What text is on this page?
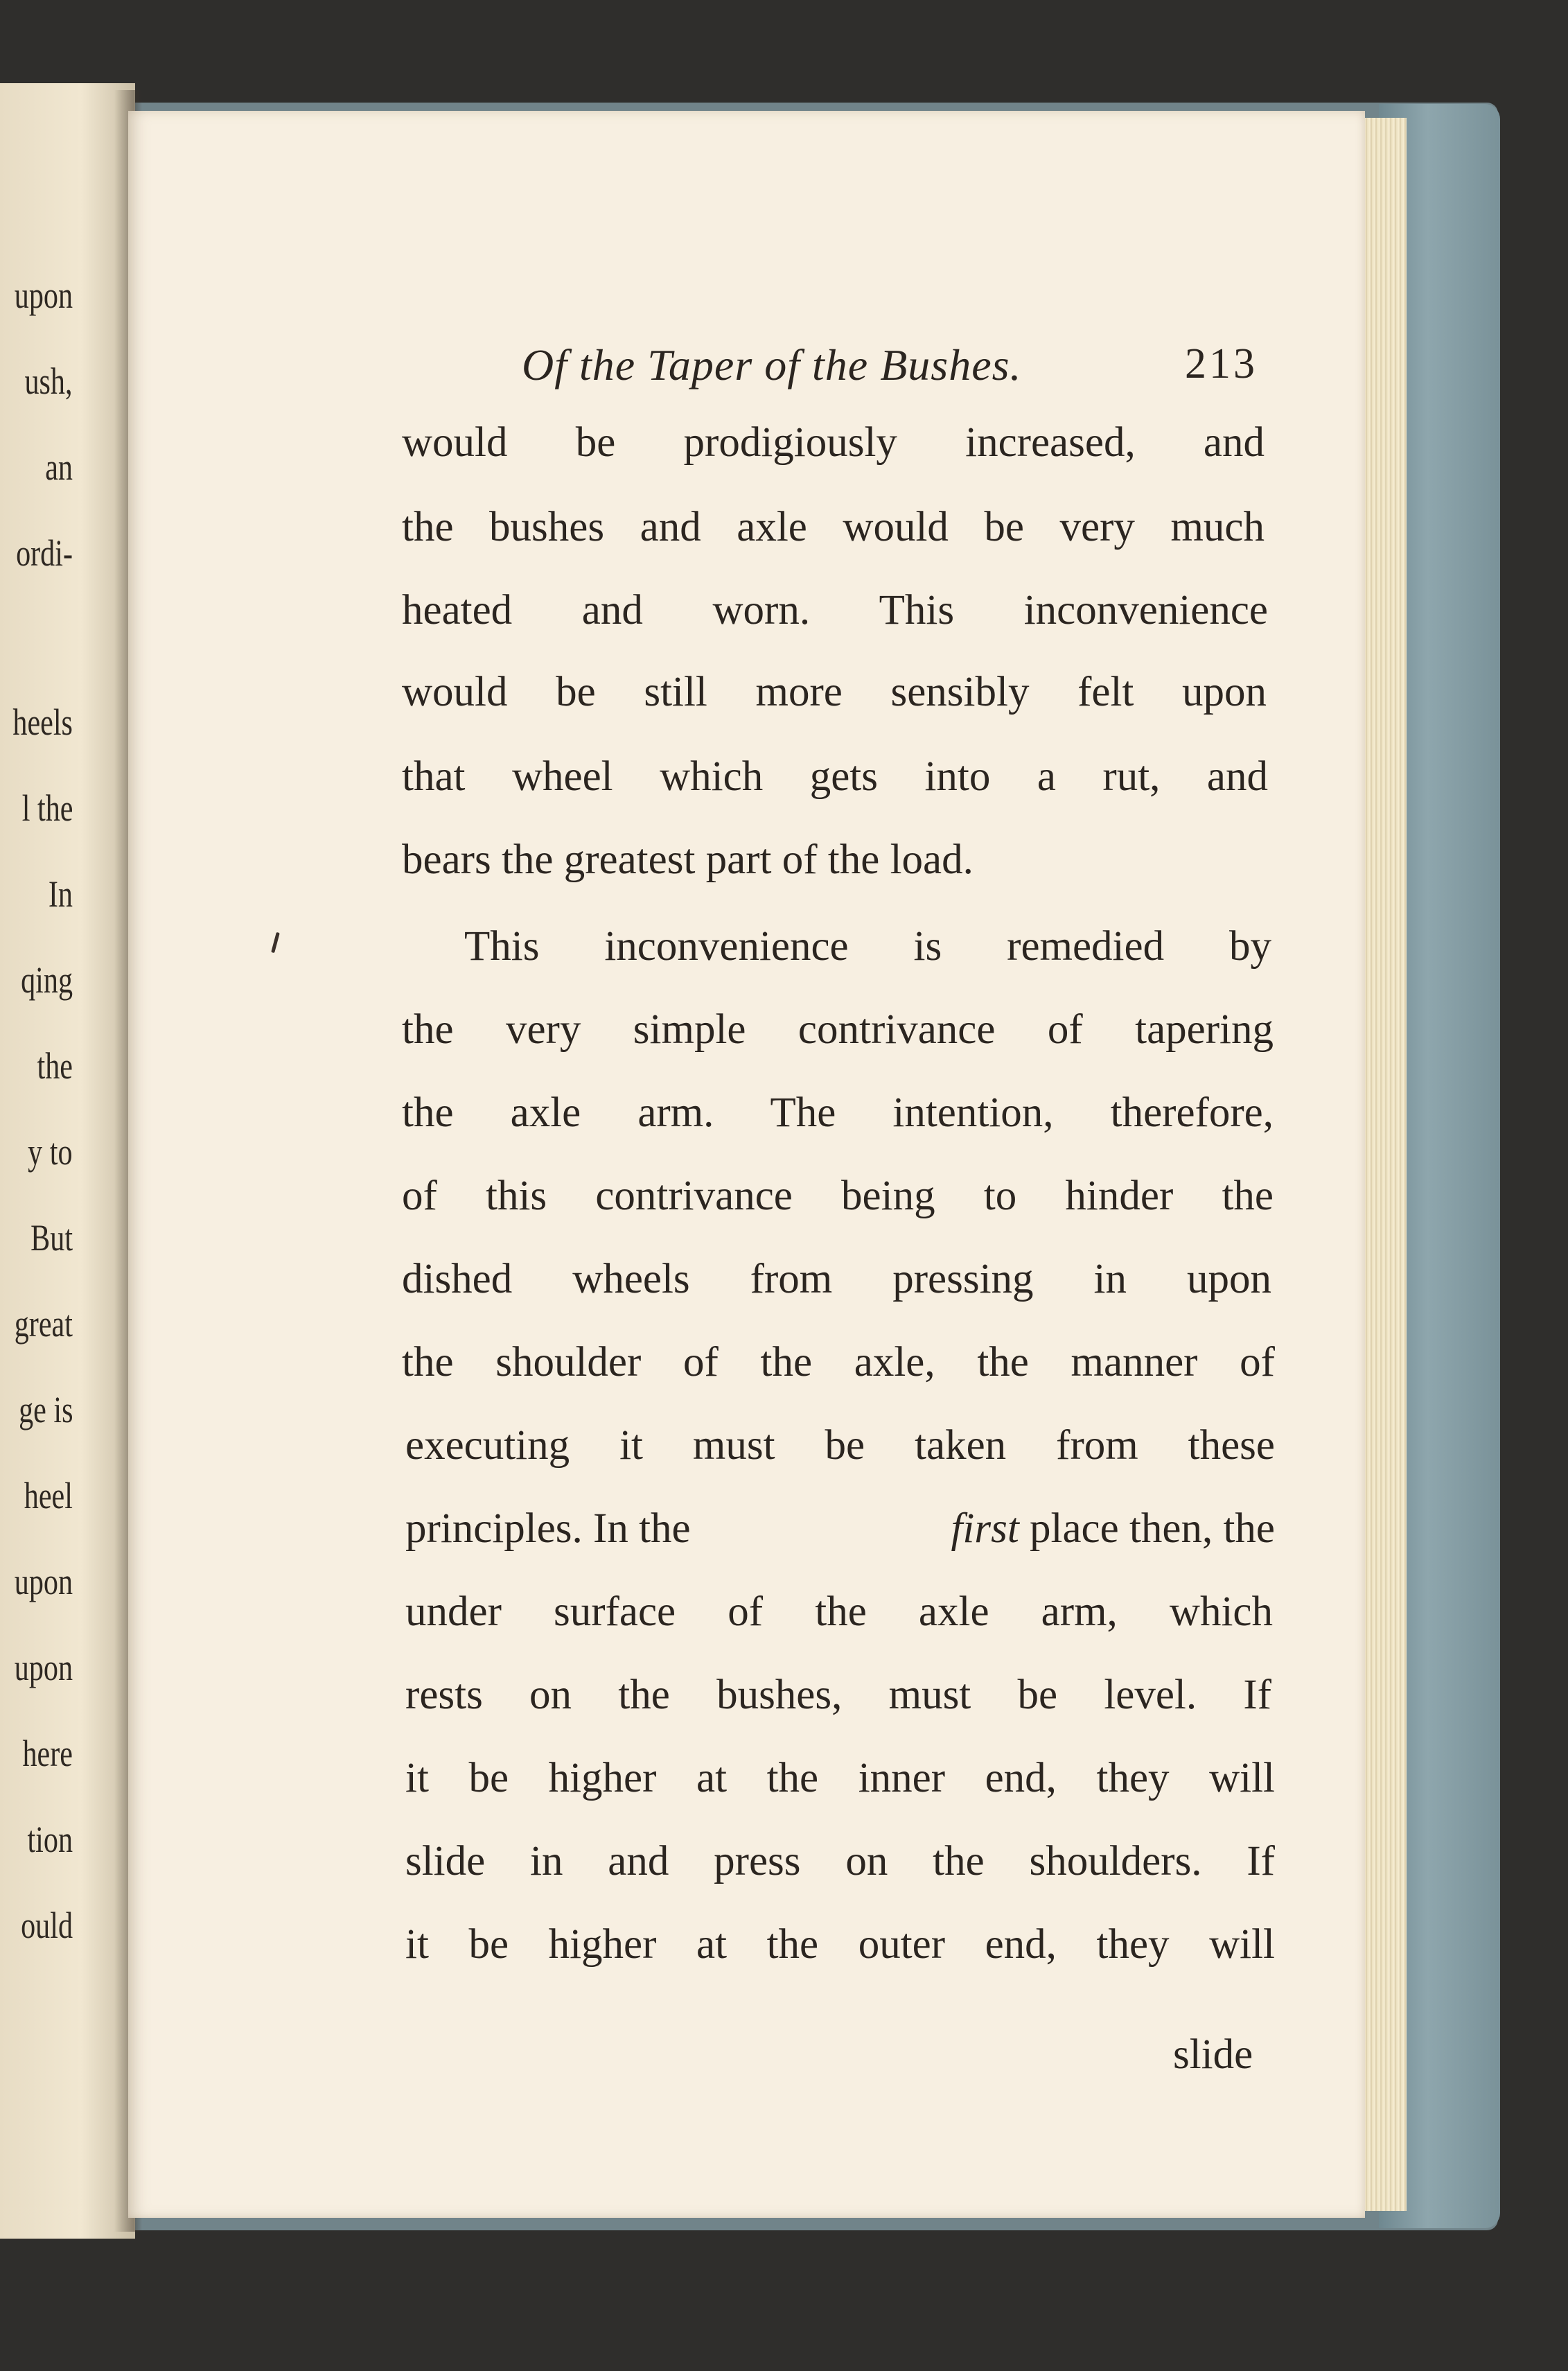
upon
ush,
an
ordi-
heels
l the
In
qing
the
y to
But
great
ge is
heel
upon
upon
here
tion
ould
Of the Taper of the Bushes.	213
would be prodigiously increased, and
the bushes and axle would be very much
heated and worn. This inconvenience
would be still more sensibly felt upon
that wheel which gets into a rut, and
bears the greatest part of the load.
This inconvenience is remedied by
the very simple contrivance of tapering
the axle arm. The intention, therefore,
of this contrivance being to hinder the
dished wheels from pressing in upon
the shoulder of the axle, the manner of
executing it must be taken from these
principles. In the	first place then, the
under surface of the axle arm, which
rests on the bushes, must be level. If
it be higher at the inner end, they will
slide in and press on the shoulders. If
it be higher at the outer end, they will
slide
